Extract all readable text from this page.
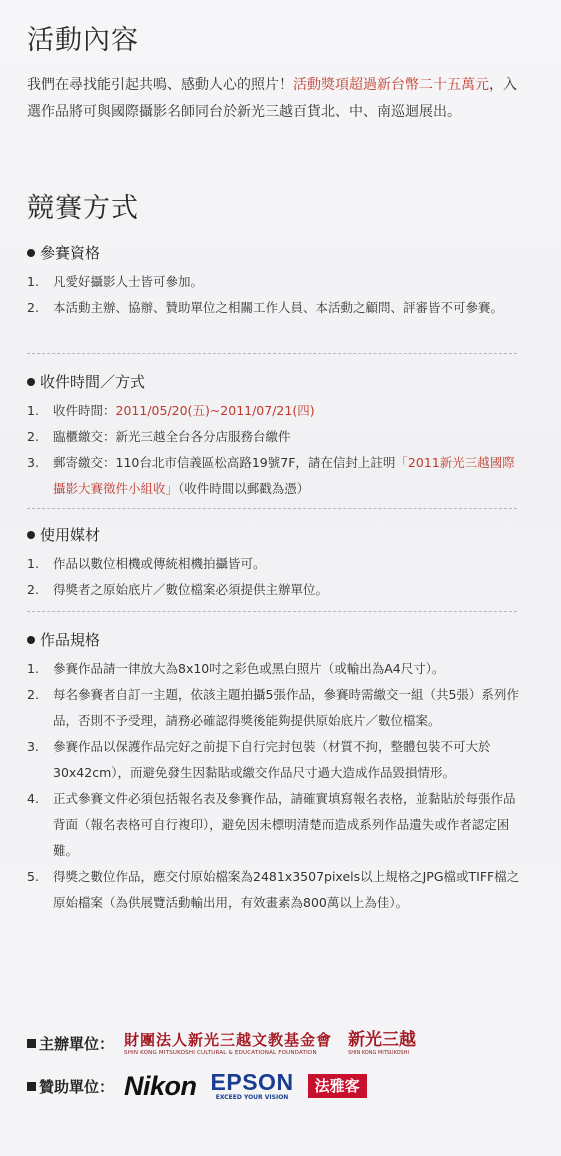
活動內容
我們在尋找能引起共鳴、感動人心的照片！活動獎項超過新台幣二十五萬元，入選作品將可與國際攝影名師同台於新光三越百貨北、中、南巡迴展出。
競賽方式
參賽資格
1. 凡愛好攝影人士皆可參加。
2. 本活動主辦、協辦、贊助單位之相關工作人員、本活動之顧問、評審皆不可參賽。
收件時間／方式
1. 收件時間：2011/05/20(五)~2011/07/21(四)
2. 臨櫃繳交：新光三越全台各分店服務台繳件
3. 郵寄繳交：110台北市信義區松高路19號7F，請在信封上註明「2011新光三越國際攝影大賽徵件小組收」（收件時間以郵戳為憑）
使用媒材
1. 作品以數位相機或傳統相機拍攝皆可。
2. 得獎者之原始底片／數位檔案必須提供主辦單位。
作品規格
1. 參賽作品請一律放大為8x10吋之彩色或黑白照片（或輸出為A4尺寸）。
2. 每名參賽者自訂一主題，依該主題拍攝5張作品，參賽時需繳交一組（共5張）系列作品，否則不予受理，請務必確認得獎後能夠提供原始底片／數位檔案。
3. 參賽作品以保護作品完好之前提下自行完封包裝（材質不拘，整體包裝不可大於30x42cm），而避免發生因黏貼或繳交作品尺寸過大造成作品毀損情形。
4. 正式參賽文件必須包括報名表及參賽作品，請確實填寫報名表格，並黏貼於每張作品背面（報名表格可自行複印），避免因未標明清楚而造成系列作品遺失或作者認定困難。
5. 得獎之數位作品，應交付原始檔案為2481x3507pixels以上規格之JPG檔或TIFF檔之原始檔案（為供展覽活動輸出用，有效畫素為800萬以上為佳）。
主辦單位： 財團法人新光三越文教基金會
SHIN KONG MITSUKOSHI CULTURAL & EDUCATIONAL FOUNDATION
新光三越
SHIN KONG MITSUKOSHI
贊助單位： Nikon EPSON
EXCEED YOUR VISION
法雅客
